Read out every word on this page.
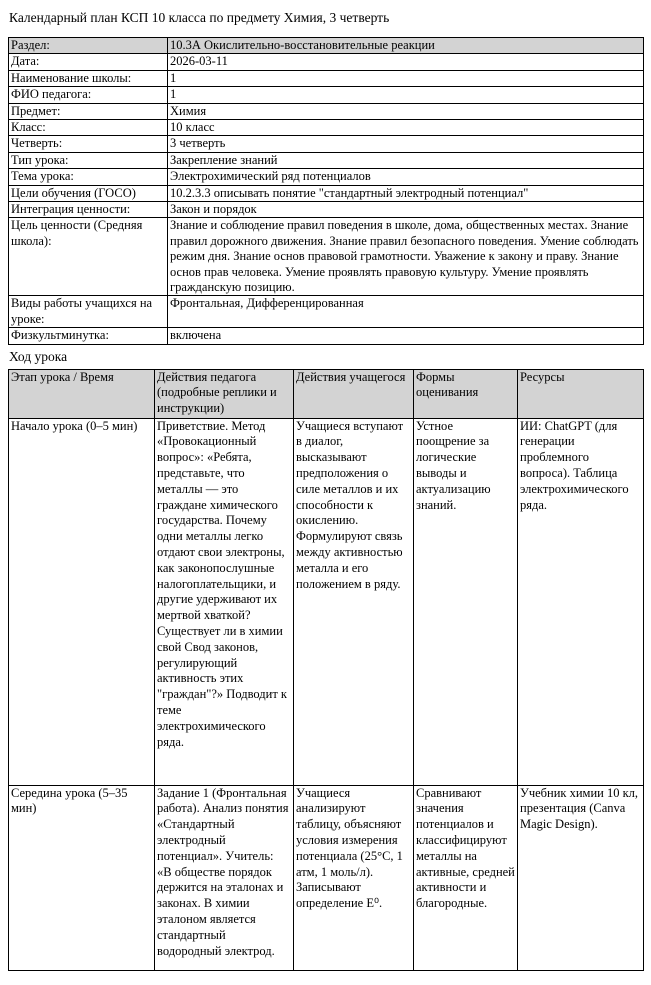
Календарный план КСП 10 класса по предмету Химия, 3 четверть
Раздел:	10.3А Окислительно-восстановительные реакции
Дата:	2026-03-11
Наименование школы:	1
ФИО педагога:	1
Предмет:	Химия
Класс:	10 класс
Четверть:	3 четверть
Тип урока:	Закрепление знаний
Тема урока:	Электрохимический ряд потенциалов
Цели обучения (ГОСО)	10.2.3.3 описывать понятие "стандартный электродный потенциал"
Интеграция ценности:	Закон и порядок

Цель ценности (Средняя школа):	Знание и соблюдение правил поведения в школе, дома, общественных местах. Знание правил дорожного движения. Знание правил безопасного поведения. Умение соблюдать режим дня. Знание основ правовой грамотности. Уважение к закону и праву. Знание основ прав человека. Умение проявлять правовую культуру. Умение проявлять гражданскую позицию.

Виды работы учащихся на уроке:	Фронтальная, Дифференцированная
Физкультминутка:	включена
Ход урока
Этап урока / Время	Действия педагога (подробные реплики и инструкции)	Действия учащегося	Формы оценивания	Ресурсы

Начало урока (0–5 мин)	Приветствие. Метод «Провокационный вопрос»: «Ребята, представьте, что металлы — это граждане химического государства. Почему одни металлы легко отдают свои электроны, как законопослушные налогоплательщики, и другие удерживают их мертвой хваткой? Существует ли в химии свой Свод законов, регулирующий активность этих "граждан"?» Подводит к теме электрохимического ряда.	Учащиеся вступают в диалог, высказывают предположения о силе металлов и их способности к окислению. Формулируют связь между активностью металла и его положением в ряду.	Устное поощрение за логические выводы и актуализацию знаний.	ИИ: ChatGPT (для генерации проблемного вопроса). Таблица электрохимического ряда.

Середина урока (5–35 мин)	Задание 1 (Фронтальная работа). Анализ понятия «Стандартный электродный потенциал». Учитель: «В обществе порядок держится на эталонах и законах. В химии эталоном является стандартный водородный электрод.	Учащиеся анализируют таблицу, объясняют условия измерения потенциала (25°C, 1 атм, 1 моль/л). Записывают определение E⁰.	Сравнивают значения потенциалов и классифицируют металлы на активные, средней активности и благородные.	Учебник химии 10 кл, презентация (Canva Magic Design).
